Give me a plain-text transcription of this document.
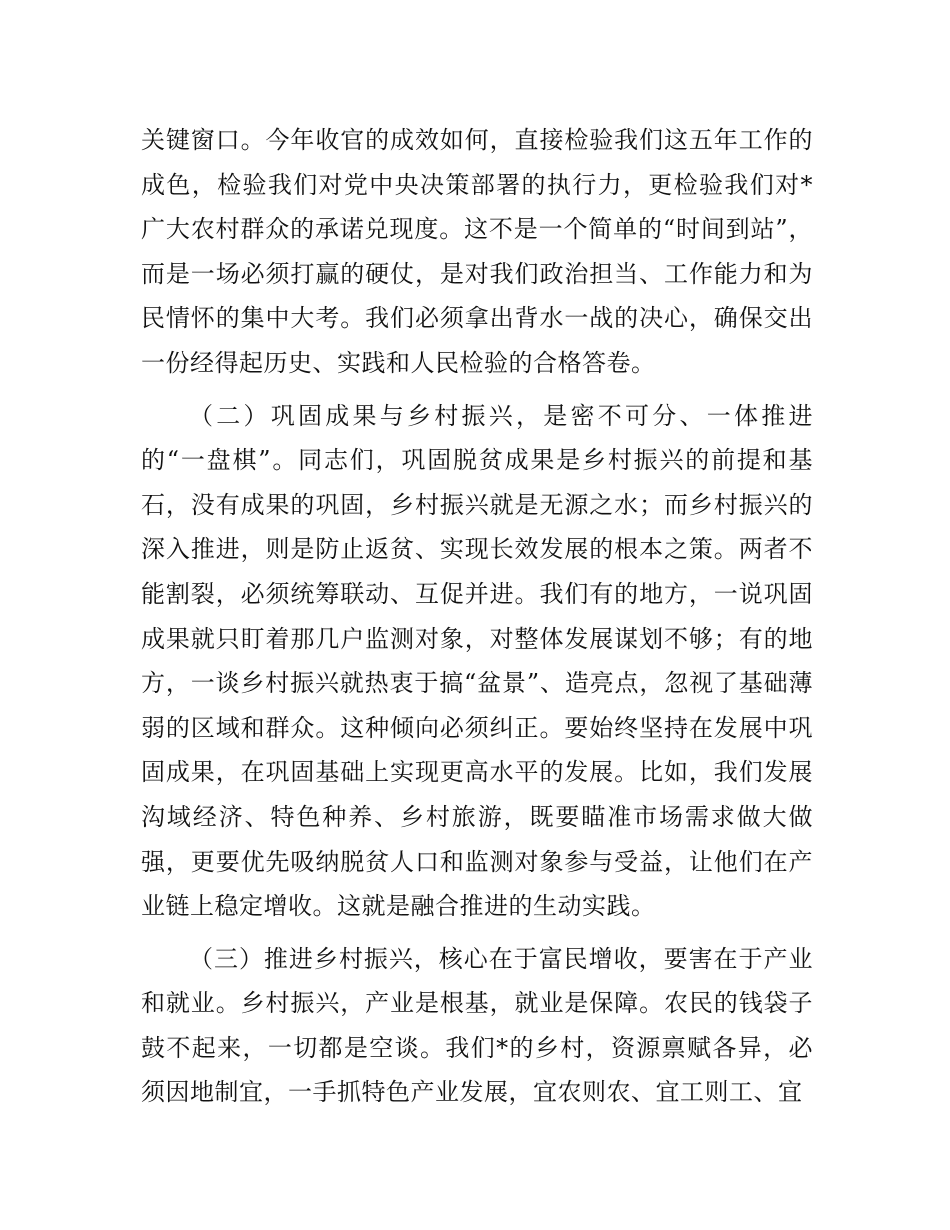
关键窗口。今年收官的成效如何，直接检验我们这五年工作的成色，检验我们对党中央决策部署的执行力，更检验我们对*广大农村群众的承诺兑现度。这不是一个简单的“时间到站”，而是一场必须打赢的硬仗，是对我们政治担当、工作能力和为民情怀的集中大考。我们必须拿出背水一战的决心，确保交出一份经得起历史、实践和人民检验的合格答卷。

（二）巩固成果与乡村振兴，是密不可分、一体推进的“一盘棋”。同志们，巩固脱贫成果是乡村振兴的前提和基石，没有成果的巩固，乡村振兴就是无源之水；而乡村振兴的深入推进，则是防止返贫、实现长效发展的根本之策。两者不能割裂，必须统筹联动、互促并进。我们有的地方，一说巩固成果就只盯着那几户监测对象，对整体发展谋划不够；有的地方，一谈乡村振兴就热衷于搞“盆景”、造亮点，忽视了基础薄弱的区域和群众。这种倾向必须纠正。要始终坚持在发展中巩固成果，在巩固基础上实现更高水平的发展。比如，我们发展沟域经济、特色种养、乡村旅游，既要瞄准市场需求做大做强，更要优先吸纳脱贫人口和监测对象参与受益，让他们在产业链上稳定增收。这就是融合推进的生动实践。

（三）推进乡村振兴，核心在于富民增收，要害在于产业和就业。乡村振兴，产业是根基，就业是保障。农民的钱袋子鼓不起来，一切都是空谈。我们*的乡村，资源禀赋各异，必须因地制宜，一手抓特色产业发展，宜农则农、宜工则工、宜
